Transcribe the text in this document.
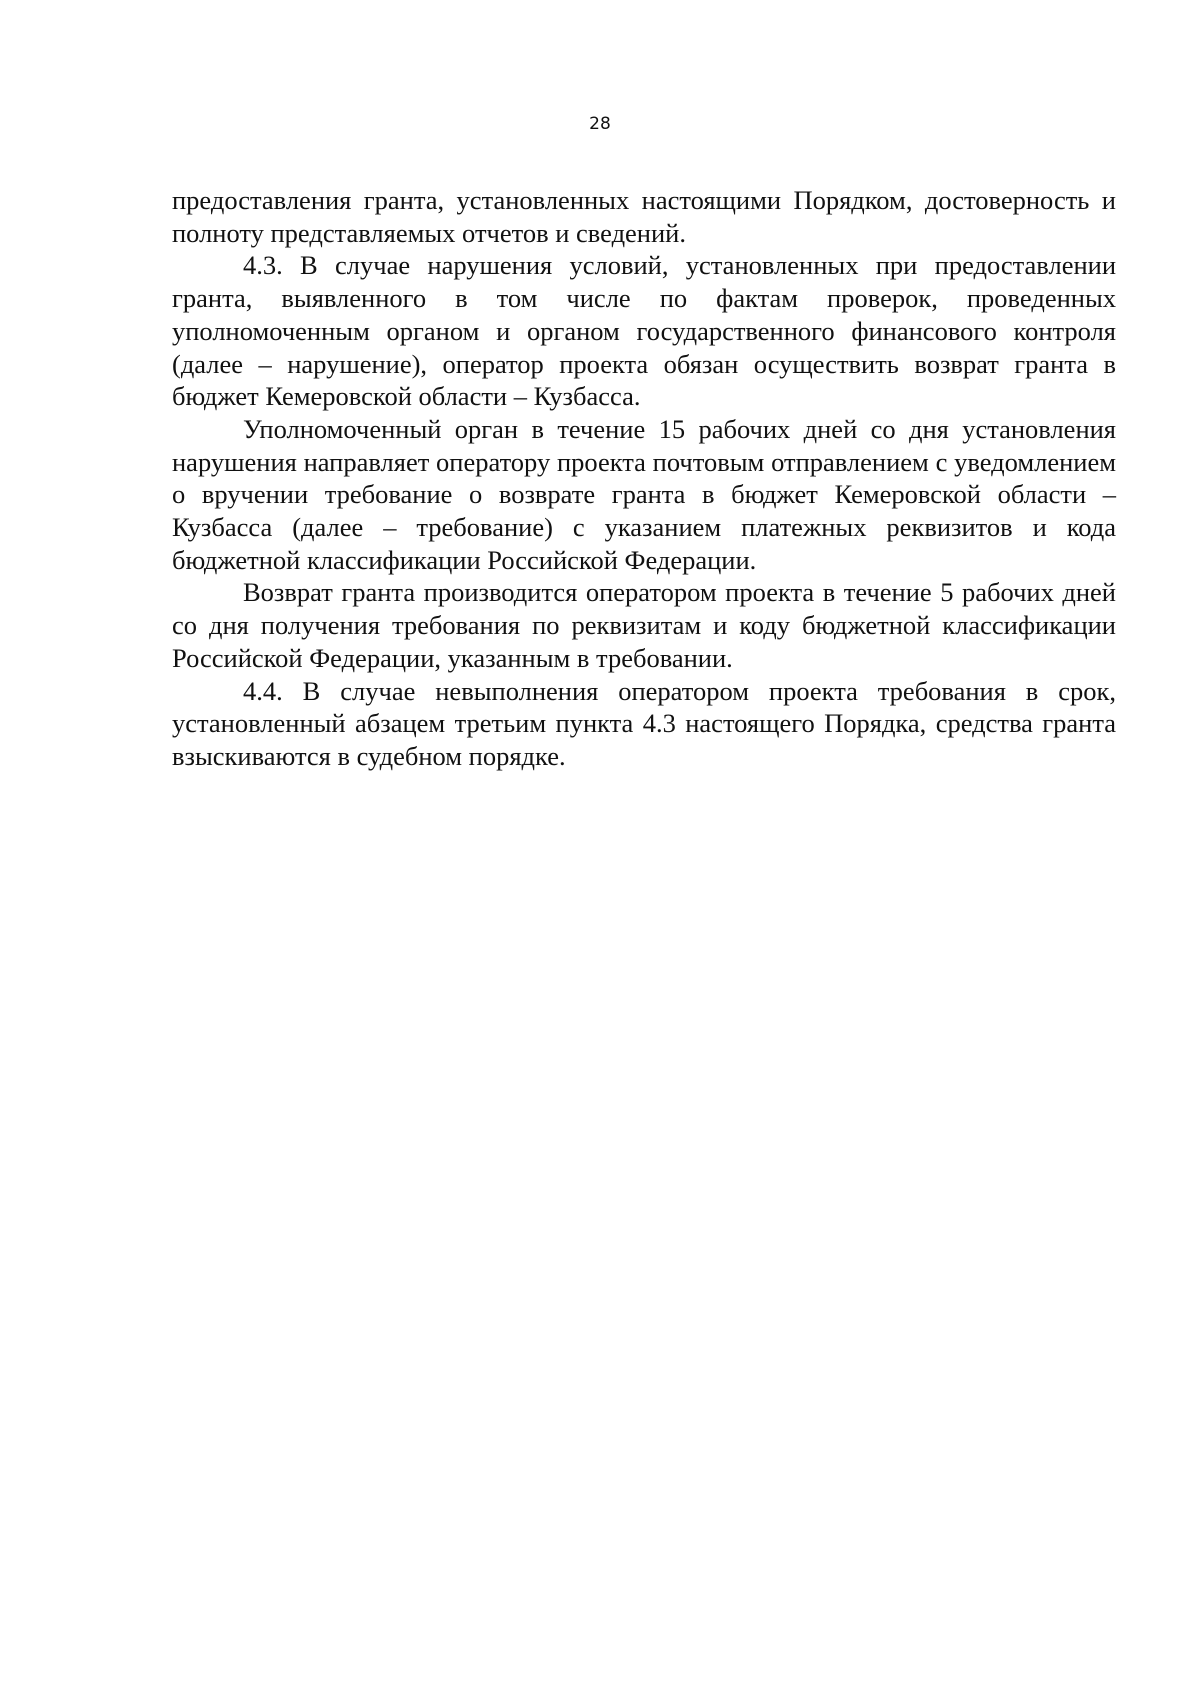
28

предоставления гранта, установленных настоящими Порядком, достоверность и полноту представляемых отчетов и сведений.

4.3. В случае нарушения условий, установленных при предоставлении гранта, выявленного в том числе по фактам проверок, проведенных уполномоченным органом и органом государственного финансового контроля (далее – нарушение), оператор проекта обязан осуществить возврат гранта в бюджет Кемеровской области – Кузбасса.

Уполномоченный орган в течение 15 рабочих дней со дня установления нарушения направляет оператору проекта почтовым отправлением с уведомлением о вручении требование о возврате гранта в бюджет Кемеровской области – Кузбасса (далее – требование) с указанием платежных реквизитов и кода бюджетной классификации Российской Федерации.

Возврат гранта производится оператором проекта в течение 5 рабочих дней со дня получения требования по реквизитам и коду бюджетной классификации Российской Федерации, указанным в требовании.

4.4. В случае невыполнения оператором проекта требования в срок, установленный абзацем третьим пункта 4.3 настоящего Порядка, средства гранта взыскиваются в судебном порядке.
